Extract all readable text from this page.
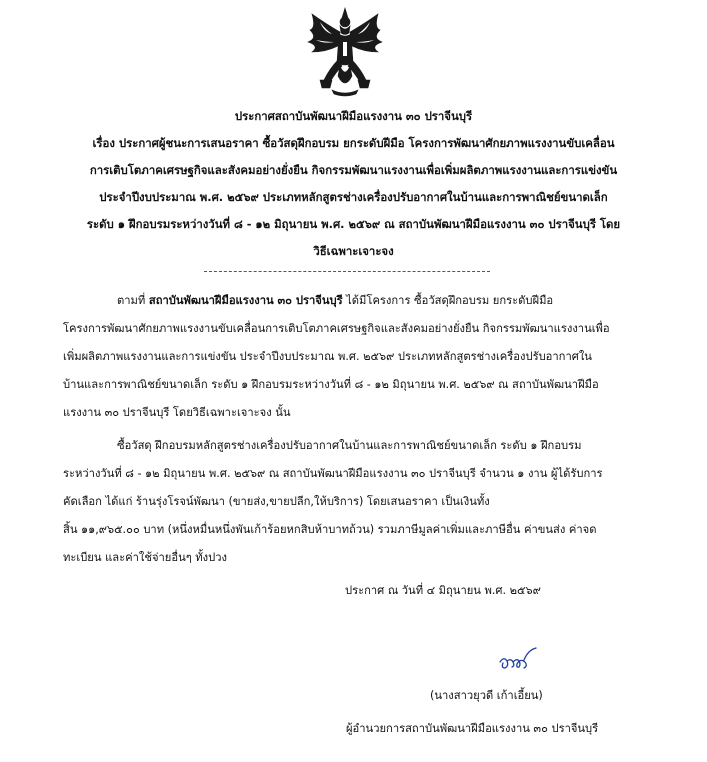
ประกาศสถาบันพัฒนาฝีมือแรงงาน ๓๐ ปราจีนบุรี
เรื่อง ประกาศผู้ชนะการเสนอราคา ซื้อวัสดุฝึกอบรม ยกระดับฝีมือ โครงการพัฒนาศักยภาพแรงงานขับเคลื่อน
การเติบโตภาคเศรษฐกิจและสังคมอย่างยั่งยืน กิจกรรมพัฒนาแรงงานเพื่อเพิ่มผลิตภาพแรงงานและการแข่งขัน
ประจำปีงบประมาณ พ.ศ. ๒๕๖๙ ประเภทหลักสูตรช่างเครื่องปรับอากาศในบ้านและการพาณิชย์ขนาดเล็ก
ระดับ ๑ ฝึกอบรมระหว่างวันที่ ๘ - ๑๒ มิถุนายน พ.ศ. ๒๕๖๙ ณ สถาบันพัฒนาฝีมือแรงงาน ๓๐ ปราจีนบุรี โดย
วิธีเฉพาะเจาะจง
ตามที่ สถาบันพัฒนาฝีมือแรงงาน ๓๐ ปราจีนบุรี ได้มีโครงการ ซื้อวัสดุฝึกอบรม ยกระดับฝีมือ
โครงการพัฒนาศักยภาพแรงงานขับเคลื่อนการเติบโตภาคเศรษฐกิจและสังคมอย่างยั่งยืน กิจกรรมพัฒนาแรงงานเพื่อ
เพิ่มผลิตภาพแรงงานและการแข่งขัน ประจำปีงบประมาณ พ.ศ. ๒๕๖๙ ประเภทหลักสูตรช่างเครื่องปรับอากาศใน
บ้านและการพาณิชย์ขนาดเล็ก ระดับ ๑ ฝึกอบรมระหว่างวันที่ ๘ - ๑๒ มิถุนายน พ.ศ. ๒๕๖๙ ณ สถาบันพัฒนาฝีมือ
แรงงาน ๓๐ ปราจีนบุรี โดยวิธีเฉพาะเจาะจง นั้น
ซื้อวัสดุ ฝึกอบรมหลักสูตรช่างเครื่องปรับอากาศในบ้านและการพาณิชย์ขนาดเล็ก ระดับ ๑ ฝึกอบรม
ระหว่างวันที่ ๘ - ๑๒ มิถุนายน พ.ศ. ๒๕๖๙ ณ สถาบันพัฒนาฝีมือแรงงาน ๓๐ ปราจีนบุรี จำนวน ๑ งาน ผู้ได้รับการ
คัดเลือก ได้แก่ ร้านรุ่งโรจน์พัฒนา (ขายส่ง,ขายปลีก,ให้บริการ) โดยเสนอราคา เป็นเงินทั้ง
สิ้น ๑๑,๙๖๕.๐๐ บาท (หนึ่งหมื่นหนึ่งพันเก้าร้อยหกสิบห้าบาทถ้วน) รวมภาษีมูลค่าเพิ่มและภาษีอื่น ค่าขนส่ง ค่าจด
ทะเบียน และค่าใช้จ่ายอื่นๆ ทั้งปวง
ประกาศ ณ วันที่ ๔ มิถุนายน พ.ศ. ๒๕๖๙
(นางสาวยุวดี เก้าเอี้ยน)
ผู้อำนวยการสถาบันพัฒนาฝีมือแรงงาน ๓๐ ปราจีนบุรี
